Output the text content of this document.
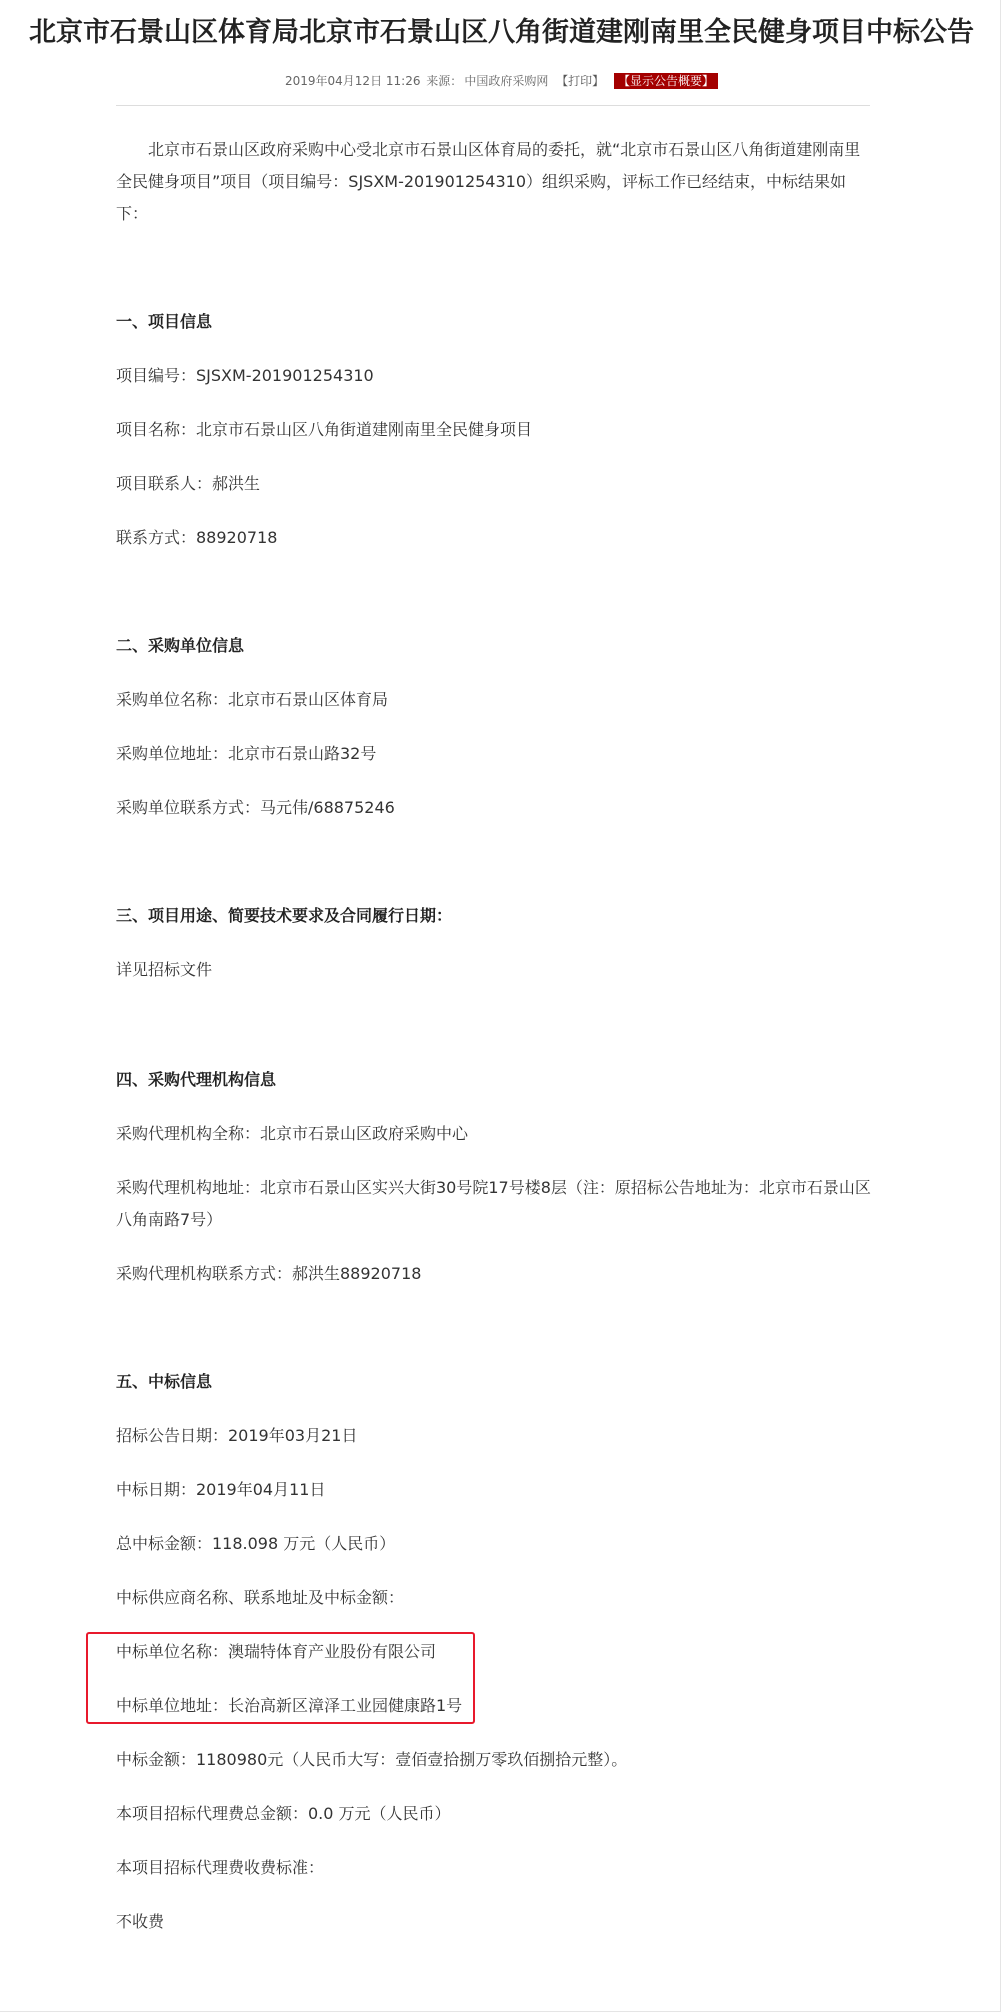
北京市石景山区体育局北京市石景山区八角街道建刚南里全民健身项目中标公告
2019年04月12日 11:26 来源： 中国政府采购网 【打印】 【显示公告概要】
北京市石景山区政府采购中心受北京市石景山区体育局的委托，就“北京市石景山区八角街道建刚南里全民健身项目”项目（项目编号：SJSXM-201901254310）组织采购，评标工作已经结束，中标结果如下：
一、项目信息
项目编号：SJSXM-201901254310
项目名称：北京市石景山区八角街道建刚南里全民健身项目
项目联系人：郝洪生
联系方式：88920718
二、采购单位信息
采购单位名称：北京市石景山区体育局
采购单位地址：北京市石景山路32号
采购单位联系方式：马元伟/68875246
三、项目用途、简要技术要求及合同履行日期：
详见招标文件
四、采购代理机构信息
采购代理机构全称：北京市石景山区政府采购中心
采购代理机构地址：北京市石景山区实兴大街30号院17号楼8层（注：原招标公告地址为：北京市石景山区八角南路7号）
采购代理机构联系方式：郝洪生88920718
五、中标信息
招标公告日期：2019年03月21日
中标日期：2019年04月11日
总中标金额：118.098 万元（人民币）
中标供应商名称、联系地址及中标金额：
中标单位名称：澳瑞特体育产业股份有限公司
中标单位地址：长治高新区漳泽工业园健康路1号
中标金额：1180980元（人民币大写：壹佰壹拾捌万零玖佰捌拾元整）。
本项目招标代理费总金额：0.0 万元（人民币）
本项目招标代理费收费标准：
不收费
